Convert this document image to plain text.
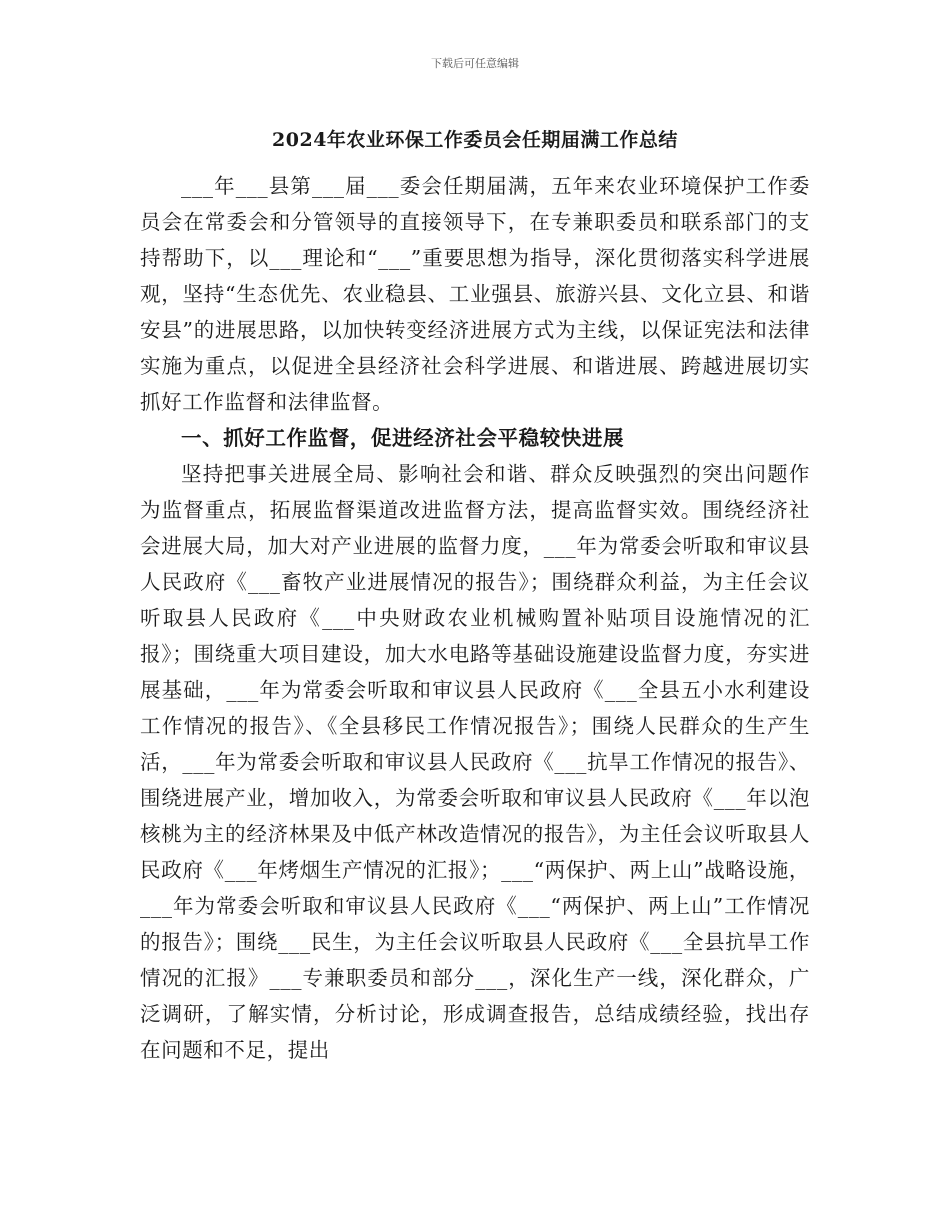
下载后可任意编辑
2024年农业环保工作委员会任期届满工作总结

___年___县第___届___委会任期届满，五年来农业环境保护工作委员会在常委会和分管领导的直接领导下，在专兼职委员和联系部门的支持帮助下，以___理论和“___”重要思想为指导，深化贯彻落实科学进展观，坚持“生态优先、农业稳县、工业强县、旅游兴县、文化立县、和谐安县”的进展思路，以加快转变经济进展方式为主线，以保证宪法和法律实施为重点，以促进全县经济社会科学进展、和谐进展、跨越进展切实抓好工作监督和法律监督。

一、抓好工作监督，促进经济社会平稳较快进展

坚持把事关进展全局、影响社会和谐、群众反映强烈的突出问题作为监督重点，拓展监督渠道改进监督方法，提高监督实效。围绕经济社会进展大局，加大对产业进展的监督力度，___年为常委会听取和审议县人民政府《___畜牧产业进展情况的报告》；围绕群众利益，为主任会议听取县人民政府《___中央财政农业机械购置补贴项目设施情况的汇报》；围绕重大项目建设，加大水电路等基础设施建设监督力度，夯实进展基础，___年为常委会听取和审议县人民政府《___全县五小水利建设工作情况的报告》、《全县移民工作情况报告》；围绕人民群众的生产生活，___年为常委会听取和审议县人民政府《___抗旱工作情况的报告》、围绕进展产业，增加收入，为常委会听取和审议县人民政府《___年以泡核桃为主的经济林果及中低产林改造情况的报告》，为主任会议听取县人民政府《___年烤烟生产情况的汇报》；___“两保护、两上山”战略设施，___年为常委会听取和审议县人民政府《___“两保护、两上山”工作情况的报告》；围绕___民生，为主任会议听取县人民政府《___全县抗旱工作情况的汇报》___专兼职委员和部分___，深化生产一线，深化群众，广泛调研，了解实情，分析讨论，形成调查报告，总结成绩经验，找出存在问题和不足，提出
